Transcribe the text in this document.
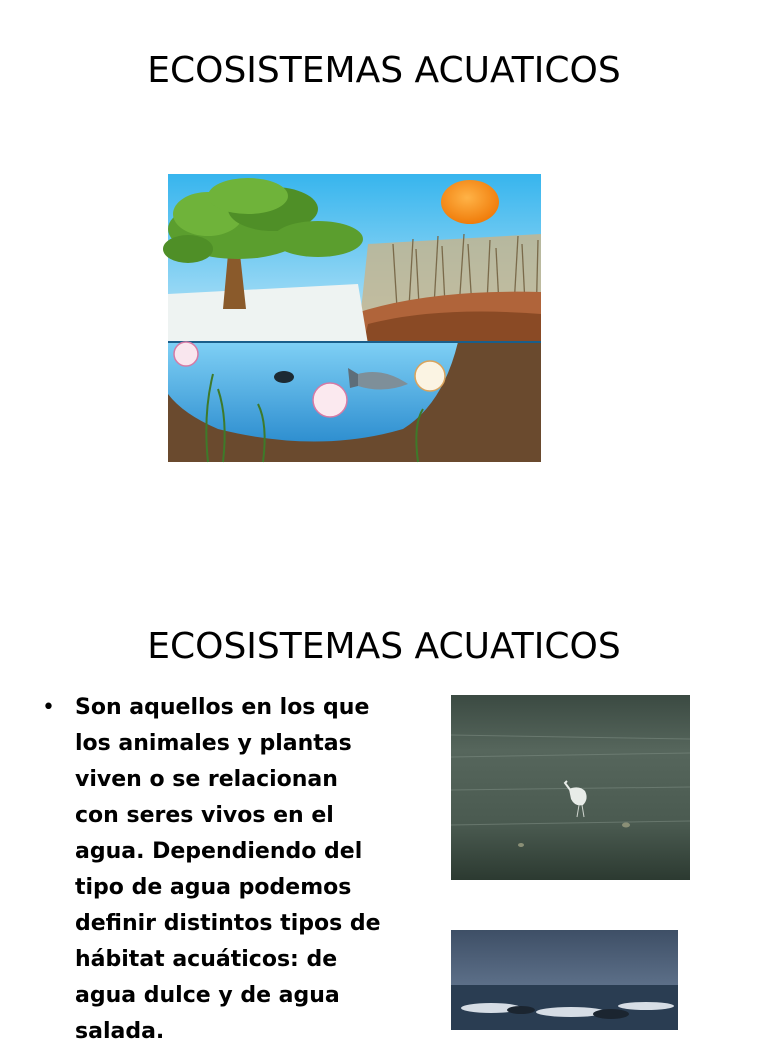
ECOSISTEMAS ACUATICOS
ECOSISTEMAS ACUATICOS
• Son aquellos en los que los animales y plantas viven o se relacionan con seres vivos en el agua. Dependiendo del tipo de agua podemos definir distintos tipos de hábitat acuáticos: de agua dulce y de agua salada.
